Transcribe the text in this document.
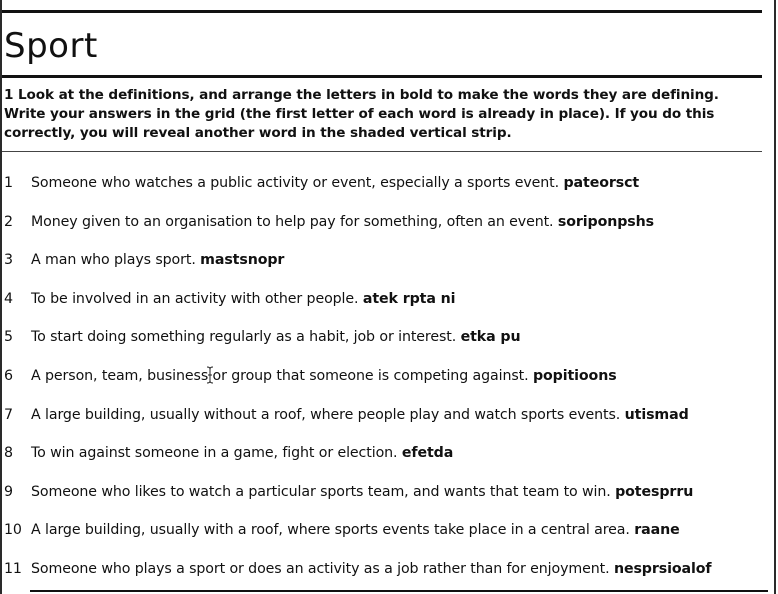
Sport

1 Look at the definitions, and arrange the letters in bold to make the words they are defining. Write your answers in the grid (the first letter of each word is already in place). If you do this correctly, you will reveal another word in the shaded vertical strip.

1 Someone who watches a public activity or event, especially a sports event. pateorsct
2 Money given to an organisation to help pay for something, often an event. soriponpshs
3 A man who plays sport. mastsnopr
4 To be involved in an activity with other people. atek rpta ni
5 To start doing something regularly as a habit, job or interest. etka pu
6 A person, team, business or group that someone is competing against. popitioons
7 A large building, usually without a roof, where people play and watch sports events. utismad
8 To win against someone in a game, fight or election. efetda
9 Someone who likes to watch a particular sports team, and wants that team to win. potesprru
10 A large building, usually with a roof, where sports events take place in a central area. raane
11 Someone who plays a sport or does an activity as a job rather than for enjoyment. nesprsioalof
